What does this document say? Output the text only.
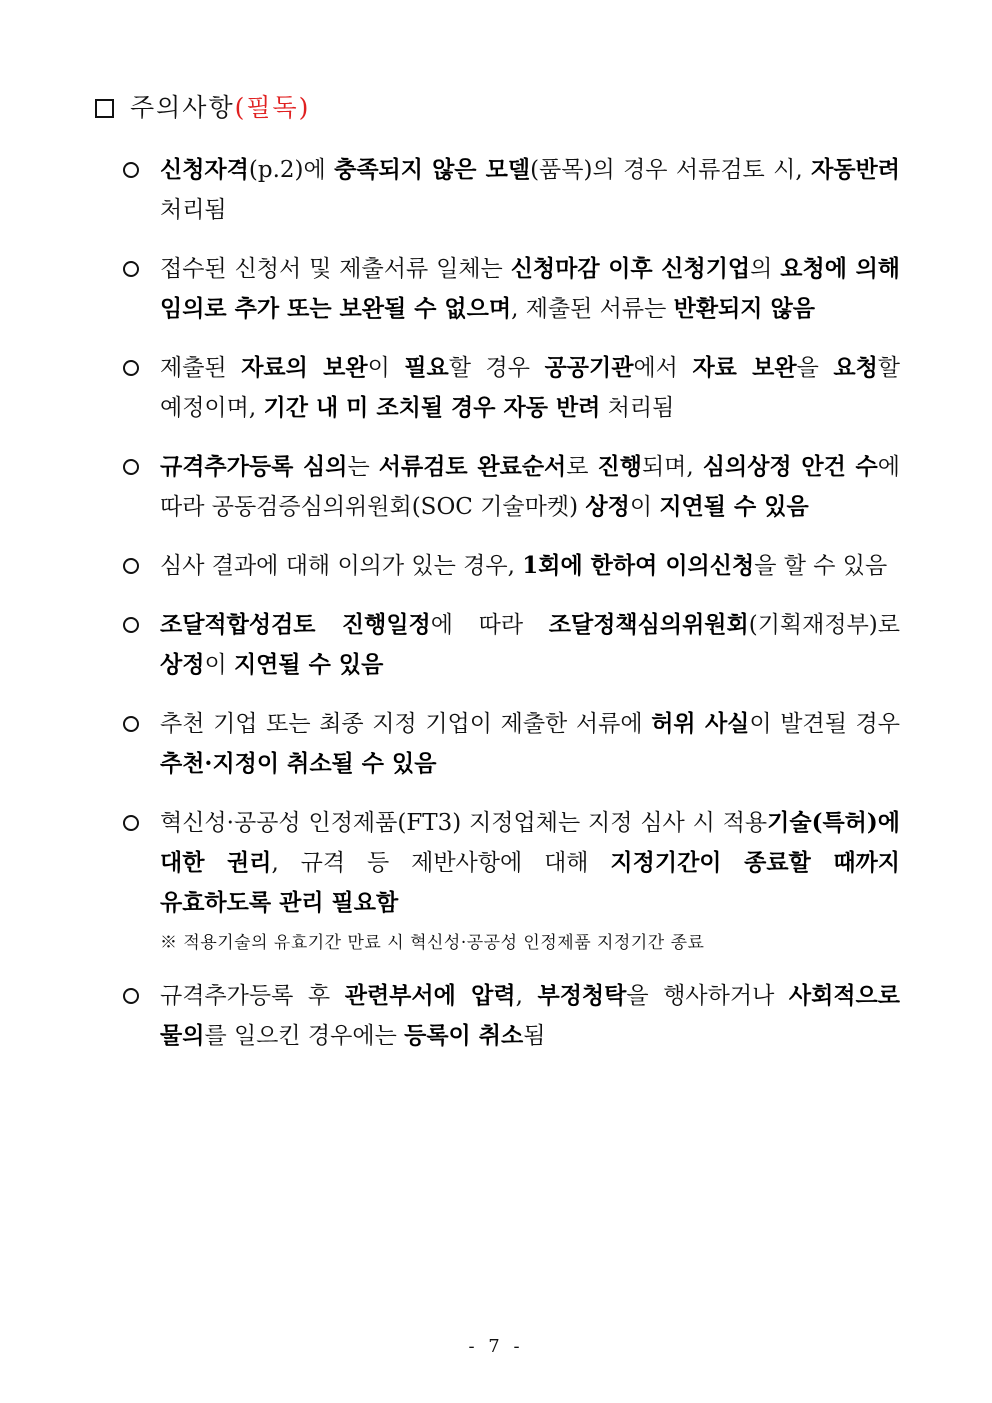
주의사항 (필독)
신청자격(p.2)에 충족되지 않은 모델(품목)의 경우 서류검토 시, 자동반려 처리됨
접수된 신청서 및 제출서류 일체는 신청마감 이후 신청기업의 요청에 의해 임의로 추가 또는 보완될 수 없으며, 제출된 서류는 반환되지 않음
제출된 자료의 보완이 필요할 경우 공공기관에서 자료 보완을 요청할 예정이며, 기간 내 미 조치될 경우 자동 반려 처리됨
규격추가등록 심의는 서류검토 완료순서로 진행되며, 심의상정 안건 수에 따라 공동검증심의위원회(SOC 기술마켓) 상정이 지연될 수 있음
심사 결과에 대해 이의가 있는 경우, 1회에 한하여 이의신청을 할 수 있음
조달적합성검토 진행일정에 따라 조달정책심의위원회(기획재정부)로 상정이 지연될 수 있음
추천 기업 또는 최종 지정 기업이 제출한 서류에 허위 사실이 발견될 경우 추천·지정이 취소될 수 있음
혁신성·공공성 인정제품(FT3) 지정업체는 지정 심사 시 적용기술(특허)에 대한 권리, 규격 등 제반사항에 대해 지정기간이 종료할 때까지 유효하도록 관리 필요함
※ 적용기술의 유효기간 만료 시 혁신성·공공성 인정제품 지정기간 종료
규격추가등록 후 관련부서에 압력, 부정청탁을 행사하거나 사회적으로 물의를 일으킨 경우에는 등록이 취소됨
- 7 -
